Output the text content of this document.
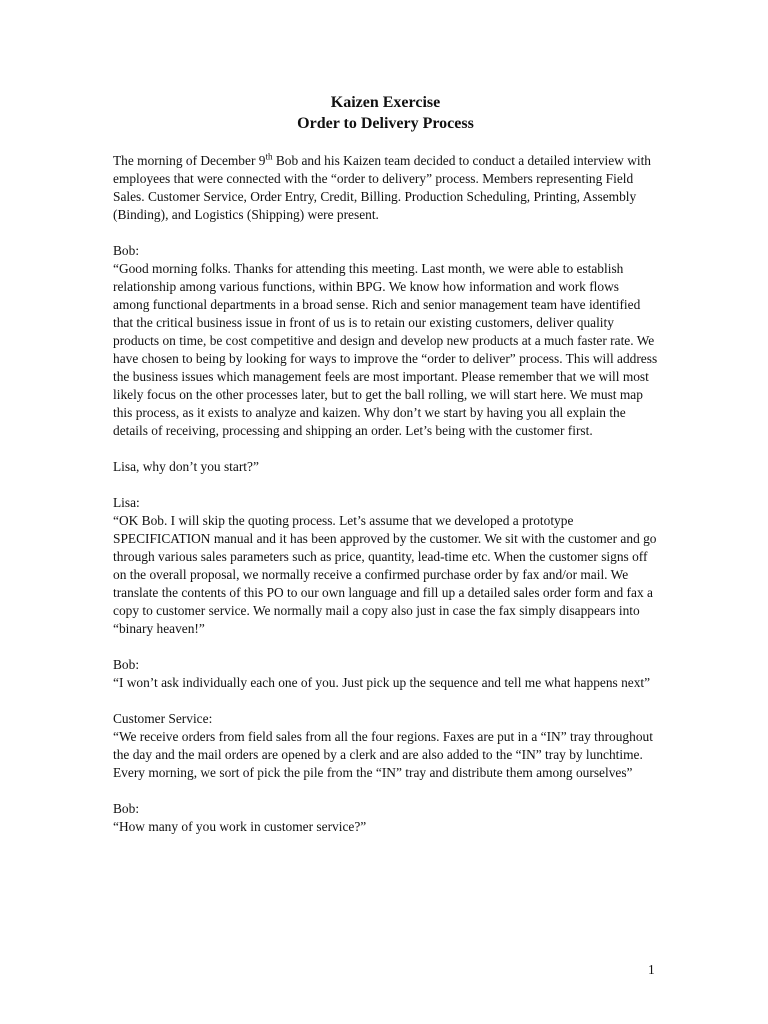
Kaizen Exercise
Order to Delivery Process

The morning of December 9th Bob and his Kaizen team decided to conduct a detailed interview with employees that were connected with the “order to delivery” process. Members representing Field Sales. Customer Service, Order Entry, Credit, Billing. Production Scheduling, Printing, Assembly (Binding), and Logistics (Shipping) were present.

Bob:

“Good morning folks. Thanks for attending this meeting. Last month, we were able to establish relationship among various functions, within BPG. We know how information and work flows among functional departments in a broad sense. Rich and senior management team have identified that the critical business issue in front of us is to retain our existing customers, deliver quality products on time, be cost competitive and design and develop new products at a much faster rate. We have chosen to being by looking for ways to improve the “order to deliver” process. This will address the business issues which management feels are most important. Please remember that we will most likely focus on the other processes later, but to get the ball rolling, we will start here. We must map this process, as it exists to analyze and kaizen. Why don’t we start by having you all explain the details of receiving, processing and shipping an order. Let’s being with the customer first.

Lisa, why don’t you start?”

Lisa:

“OK Bob. I will skip the quoting process. Let’s assume that we developed a prototype SPECIFICATION manual and it has been approved by the customer. We sit with the customer and go through various sales parameters such as price, quantity, lead-time etc. When the customer signs off on the overall proposal, we normally receive a confirmed purchase order by fax and/or mail. We translate the contents of this PO to our own language and fill up a detailed sales order form and fax a copy to customer service. We normally mail a copy also just in case the fax simply disappears into “binary heaven!”

Bob:

“I won’t ask individually each one of you. Just pick up the sequence and tell me what happens next”

Customer Service:

“We receive orders from field sales from all the four regions. Faxes are put in a “IN” tray throughout the day and the mail orders are opened by a clerk and are also added to the “IN” tray by lunchtime. Every morning, we sort of pick the pile from the “IN” tray and distribute them among ourselves”

Bob:

“How many of you work in customer service?”

1
